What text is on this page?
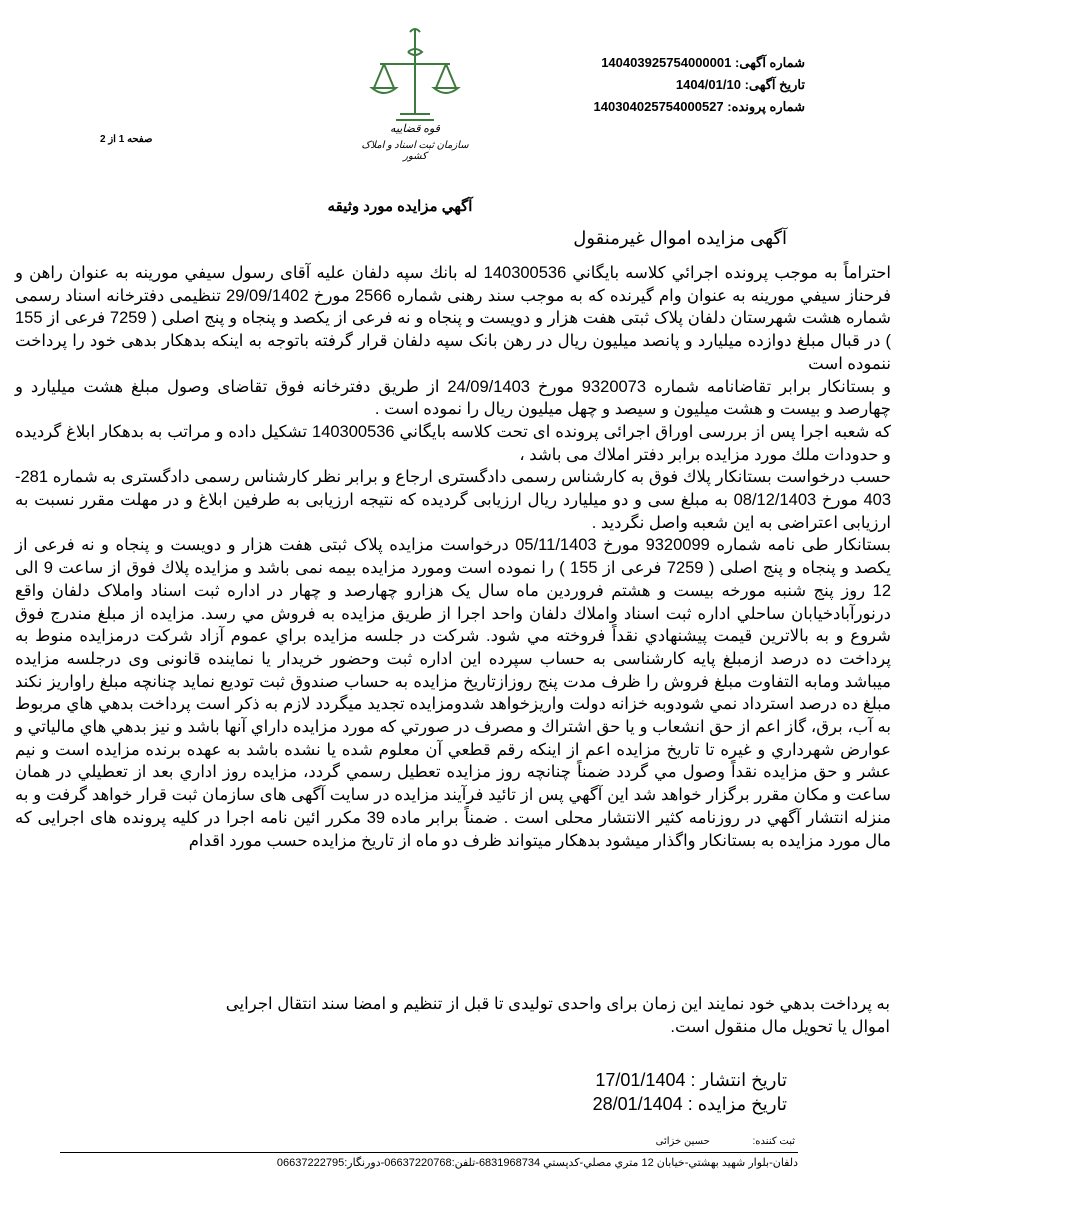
قوه قضاییه
سازمان ثبت اسناد و املاک کشور
شماره آگهی: 140403925754000001
تاریخ آگهی: 1404/01/10
شماره پرونده: 140304025754000527
صفحه 1 از 2
آگهي مزايده مورد وثيقه
آگهی مزایده اموال غیرمنقول

احتراماً به موجب پرونده اجرائي كلاسه بايگاني 140300536 له بانك سپه دلفان عليه آقاى رسول سيفي مورينه به عنوان راهن و فرحناز سيفي مورينه به عنوان وام گيرنده كه به موجب سند رهنى شماره 2566 مورخ 29/09/1402 تنظيمى دفترخانه اسناد رسمى شماره هشت شهرستان دلفان پلاک ثبتی هفت هزار و دويست و پنجاه و نه فرعی از يكصد و پنجاه و پنج اصلی ( 7259 فرعی از 155 ) در قبال مبلغ دوازده ميليارد و پانصد ميليون ريال در رهن بانک سپه دلفان قرار گرفته باتوجه به اينكه بدهكار بدهى خود را پرداخت ننموده است

و بستانكار برابر تقاضانامه شماره 9320073 مورخ 24/09/1403 از طريق دفترخانه فوق تقاضای وصول مبلغ هشت ميليارد و چهارصد و بيست و هشت ميليون و سيصد و چهل ميليون ريال را نموده است .

كه شعبه اجرا پس از بررسی اوراق اجرائی پرونده ای تحت كلاسه بايگاني 140300536 تشكيل داده و مراتب به بدهكار ابلاغ گرديده و حدودات ملك مورد مزايده برابر دفتر املاك می باشد ،

حسب درخواست بستانكار پلاك فوق به كارشناس رسمی دادگستری ارجاع و برابر نظر كارشناس رسمی دادگستری به شماره 281-403 مورخ 08/12/1403 به مبلغ سی و دو ميليارد ريال ارزيابی گرديده كه نتيجه ارزيابی به طرفين ابلاغ و در مهلت مقرر نسبت به ارزيابی اعتراضی به اين شعبه واصل نگرديد .

بستانكار طی نامه شماره 9320099 مورخ 05/11/1403 درخواست مزايده پلاک ثبتی هفت هزار و دويست و پنجاه و نه فرعی از يكصد و پنجاه و پنج اصلی ( 7259 فرعی از 155 ) را نموده است ومورد مزايده بيمه نمی باشد و مزايده پلاك فوق از ساعت 9 الی 12 روز پنج شنبه مورخه بيست و هشتم فروردين ماه سال يک هزارو چهارصد و چهار در اداره ثبت اسناد واملاک دلفان واقع درنورآبادخيابان ساحلي اداره ثبت اسناد واملاك دلفان واحد اجرا از طريق مزايده به فروش مي رسد. مزايده از مبلغ مندرج فوق شروع و به بالاترين قيمت پيشنهادي نقداً فروخته مي شود. شركت در جلسه مزايده براي عموم آزاد شركت درمزايده منوط به پرداخت ده درصد ازمبلغ پايه كارشناسى به حساب سپرده اين اداره ثبت وحضور خريدار يا نماينده قانونى وى درجلسه مزايده ميباشد ومابه التفاوت مبلغ فروش را ظرف مدت پنج روزازتاريخ مزايده به حساب صندوق ثبت توديع نمايد چنانچه مبلغ راواريز نكند مبلغ ده درصد استرداد نمي شودوبه خزانه دولت واريزخواهد شدومزايده تجديد ميگردد لازم به ذكر است پرداخت بدهي هاي مربوط به آب، برق، گاز اعم از حق انشعاب و يا حق اشتراك و مصرف در صورتي كه مورد مزايده داراي آنها باشد و نيز بدهي هاي مالياتي و عوارض شهرداري و غيره تا تاريخ مزايده اعم از اينكه رقم قطعي آن معلوم شده يا نشده باشد به عهده برنده مزايده است و نيم عشر و حق مزايده نقداً وصول مي گردد ضمناً چنانچه روز مزايده تعطيل رسمي گردد، مزايده روز اداري بعد از تعطيلي در همان ساعت و مكان مقرر برگزار خواهد شد اين آگهي پس از تائيد فرآيند مزايده در سايت آگهی های سازمان ثبت قرار خواهد گرفت و به منزله انتشار آگهي در روزنامه كثير الانتشار محلی است . ضمناً برابر ماده 39 مكرر ائين نامه اجرا در كليه پرونده های اجرايی كه مال مورد مزايده به بستانكار واگذار ميشود بدهكار ميتواند ظرف دو ماه از تاريخ مزايده حسب مورد اقدام

به پرداخت بدهي خود نمايند اين زمان براى واحدى توليدى تا قبل از تنظيم و امضا سند انتقال اجرايى اموال يا تحويل مال منقول است.
تاريخ انتشار : 17/01/1404
تاريخ مزايده : 28/01/1404
ثبت کننده: حسین خزائی
دلفان-بلوار شهيد بهشتي-خيابان 12 متري مصلي-كدپستي 6831968734-تلفن:06637220768-دورنگار:06637222795
